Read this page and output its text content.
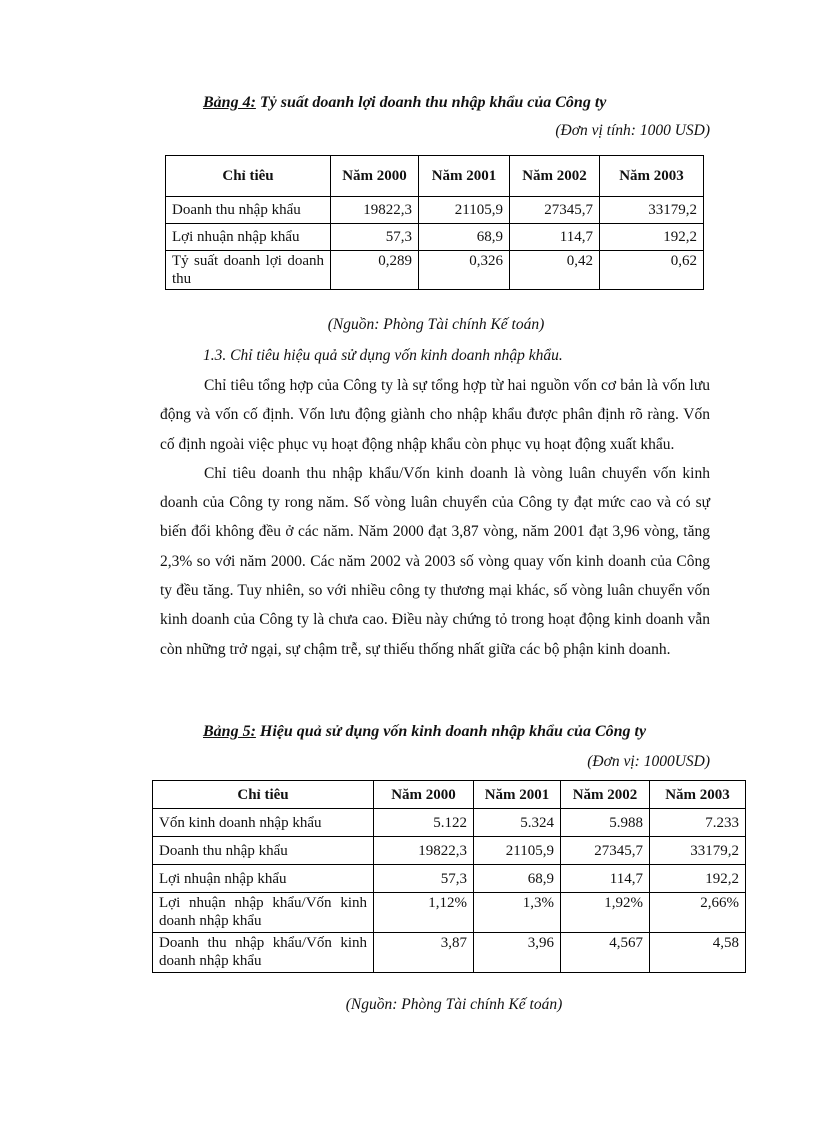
Bảng 4: Tỷ suất doanh lợi doanh thu nhập khẩu của Công ty
(Đơn vị tính: 1000 USD)
Chỉ tiêu	Năm 2000	Năm 2001	Năm 2002	Năm 2003
Doanh thu nhập khẩu	19822,3	21105,9	27345,7	33179,2
Lợi nhuận nhập khẩu	57,3	68,9	114,7	192,2
Tỷ suất doanh lợi doanh thu	0,289	0,326	0,42	0,62
(Nguồn: Phòng Tài chính Kế toán)
1.3. Chỉ tiêu hiệu quả sử dụng vốn kinh doanh nhập khẩu.

Chỉ tiêu tổng hợp của Công ty là sự tổng hợp từ hai nguồn vốn cơ bản là vốn lưu động và vốn cố định. Vốn lưu động giành cho nhập khẩu được phân định rõ ràng. Vốn cố định ngoài việc phục vụ hoạt động nhập khẩu còn phục vụ hoạt động xuất khẩu.

Chỉ tiêu doanh thu nhập khẩu/Vốn kinh doanh là vòng luân chuyển vốn kinh doanh của Công ty rong năm. Số vòng luân chuyển của Công ty đạt mức cao và có sự biến đổi không đều ở các năm. Năm 2000 đạt 3,87 vòng, năm 2001 đạt 3,96 vòng, tăng 2,3% so với năm 2000. Các năm 2002 và 2003 số vòng quay vốn kinh doanh của Công ty đều tăng. Tuy nhiên, so với nhiều công ty thương mại khác, số vòng luân chuyển vốn kinh doanh của Công ty là chưa cao. Điều này chứng tỏ trong hoạt động kinh doanh vẫn còn những trở ngại, sự chậm trễ, sự thiếu thống nhất giữa các bộ phận kinh doanh.

Bảng 5: Hiệu quả sử dụng vốn kinh doanh nhập khẩu của Công ty
(Đơn vị: 1000USD)
Chỉ tiêu	Năm 2000	Năm 2001	Năm 2002	Năm 2003
Vốn kinh doanh nhập khẩu	5.122	5.324	5.988	7.233
Doanh thu nhập khẩu	19822,3	21105,9	27345,7	33179,2
Lợi nhuận nhập khẩu	57,3	68,9	114,7	192,2
Lợi nhuận nhập khẩu/Vốn kinh doanh nhập khẩu	1,12%	1,3%	1,92%	2,66%
Doanh thu nhập khẩu/Vốn kinh doanh nhập khẩu	3,87	3,96	4,567	4,58
(Nguồn: Phòng Tài chính Kế toán)
